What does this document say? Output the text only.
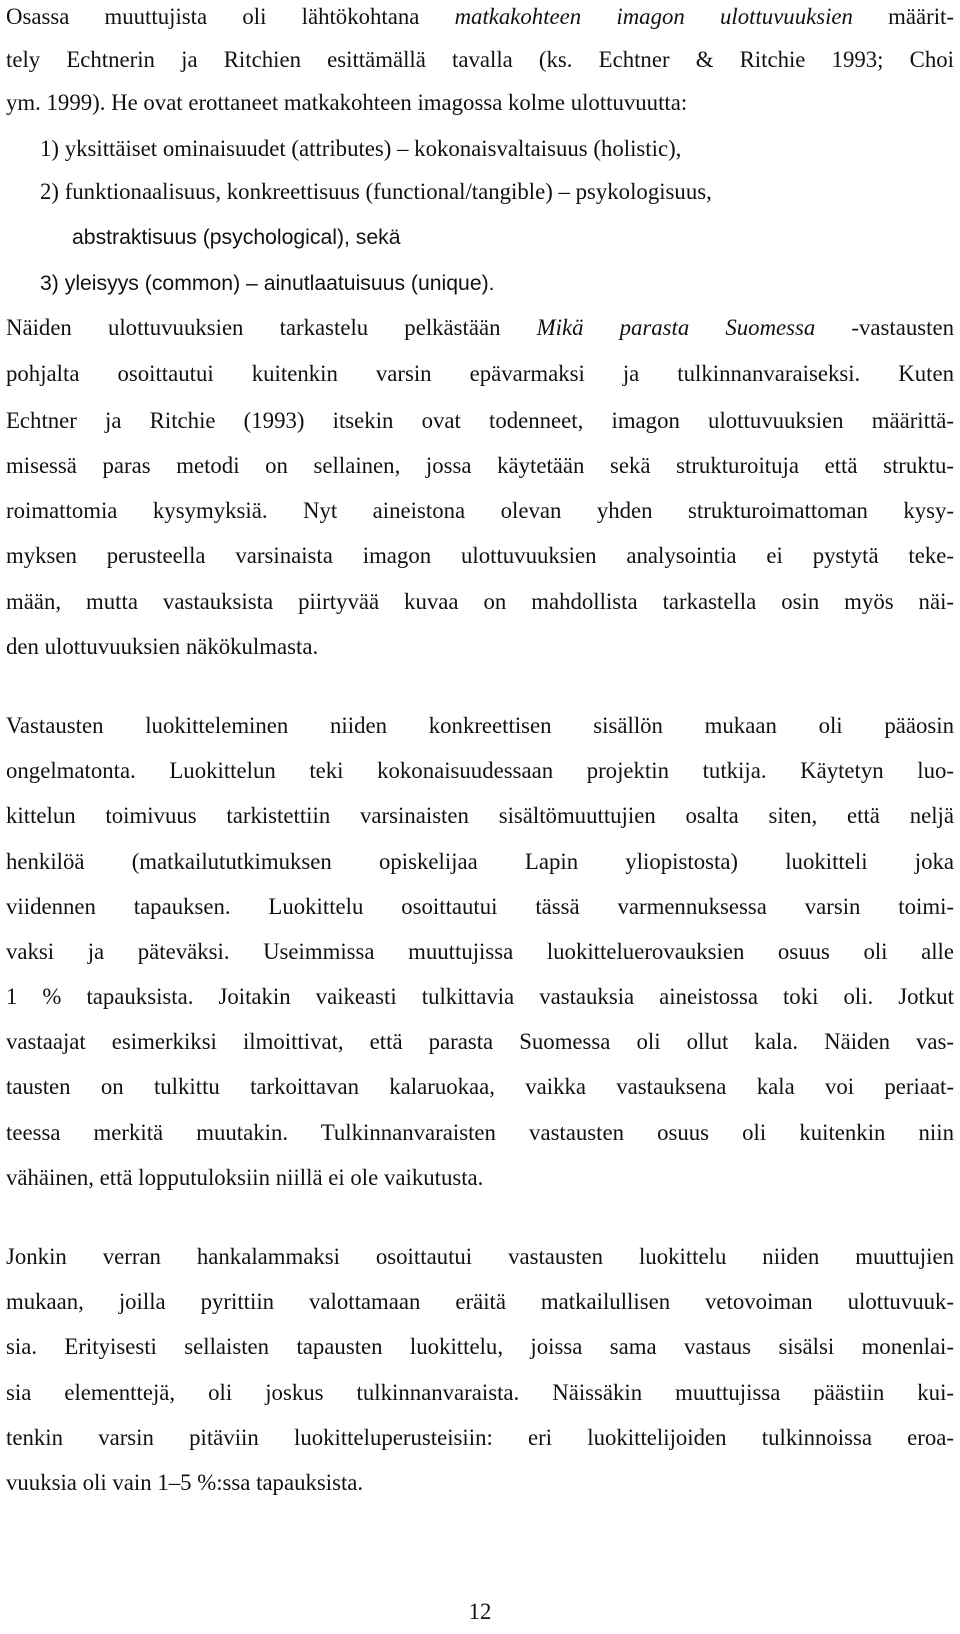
Osassa muuttujista oli lähtökohtana matkakohteen imagon ulottuvuuksien määrit-

tely Echtnerin ja Ritchien esittämällä tavalla (ks. Echtner & Ritchie 1993; Choi

ym. 1999). He ovat erottaneet matkakohteen imagossa kolme ulottuvuutta:

1) yksittäiset ominaisuudet (attributes) – kokonaisvaltaisuus (holistic),

2) funktionaalisuus, konkreettisuus (functional/tangible) – psykologisuus,

abstraktisuus (psychological), sekä

3) yleisyys (common) – ainutlaatuisuus (unique).

Näiden ulottuvuuksien tarkastelu pelkästään Mikä parasta Suomessa -vastausten

pohjalta osoittautui kuitenkin varsin epävarmaksi ja tulkinnanvaraiseksi. Kuten

Echtner ja Ritchie (1993) itsekin ovat todenneet, imagon ulottuvuuksien määrittä-

misessä paras metodi on sellainen, jossa käytetään sekä strukturoituja että struktu-

roimattomia kysymyksiä. Nyt aineistona olevan yhden strukturoimattoman kysy-

myksen perusteella varsinaista imagon ulottuvuuksien analysointia ei pystytä teke-

mään, mutta vastauksista piirtyvää kuvaa on mahdollista tarkastella osin myös näi-

den ulottuvuuksien näkökulmasta.

Vastausten luokitteleminen niiden konkreettisen sisällön mukaan oli pääosin

ongelmatonta. Luokittelun teki kokonaisuudessaan projektin tutkija. Käytetyn luo-

kittelun toimivuus tarkistettiin varsinaisten sisältömuuttujien osalta siten, että neljä

henkilöä (matkailututkimuksen opiskelijaa Lapin yliopistosta) luokitteli joka

viidennen tapauksen. Luokittelu osoittautui tässä varmennuksessa varsin toimi-

vaksi ja päteväksi. Useimmissa muuttujissa luokitteluerovauksien osuus oli alle

1 % tapauksista. Joitakin vaikeasti tulkittavia vastauksia aineistossa toki oli. Jotkut

vastaajat esimerkiksi ilmoittivat, että parasta Suomessa oli ollut kala. Näiden vas-

tausten on tulkittu tarkoittavan kalaruokaa, vaikka vastauksena kala voi periaat-

teessa merkitä muutakin. Tulkinnanvaraisten vastausten osuus oli kuitenkin niin

vähäinen, että lopputuloksiin niillä ei ole vaikutusta.

Jonkin verran hankalammaksi osoittautui vastausten luokittelu niiden muuttujien

mukaan, joilla pyrittiin valottamaan eräitä matkailullisen vetovoiman ulottuvuuk-

sia. Erityisesti sellaisten tapausten luokittelu, joissa sama vastaus sisälsi monenlai-

sia elementtejä, oli joskus tulkinnanvaraista. Näissäkin muuttujissa päästiin kui-

tenkin varsin pitäviin luokitteluperusteisiin: eri luokittelijoiden tulkinnoissa eroa-

vuuksia oli vain 1–5 %:ssa tapauksista.

12
